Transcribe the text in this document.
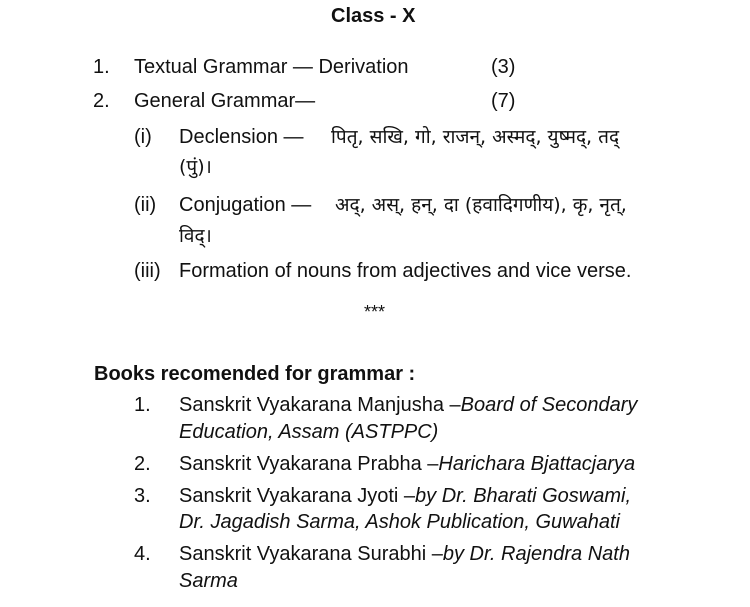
Class - X
1. Textual Grammar — Derivation	(3)
2. General Grammar—	(7)
(i) Declension — पितृ, सखि, गो, राजन्, अस्मद्, युष्मद्, तद्
(पुं)।
(ii) Conjugation — अद्, अस्, हन्, दा (हवादिगणीय), कृ, नृत्,
विद्।
(iii) Formation of nouns from adjectives and vice verse.
***
Books recomended for grammar :
1. Sanskrit Vyakarana Manjusha –Board of Secondary
Education, Assam (ASTPPC)
2. Sanskrit Vyakarana Prabha –Haricharа Bjattacjarya
3. Sanskrit Vyakarana Jyoti –by Dr. Bharati Goswami,
Dr. Jagadish Sarma, Ashok Publication, Guwahati
4. Sanskrit Vyakarana Surabhi –by Dr. Rajendra Nath
Sarma
